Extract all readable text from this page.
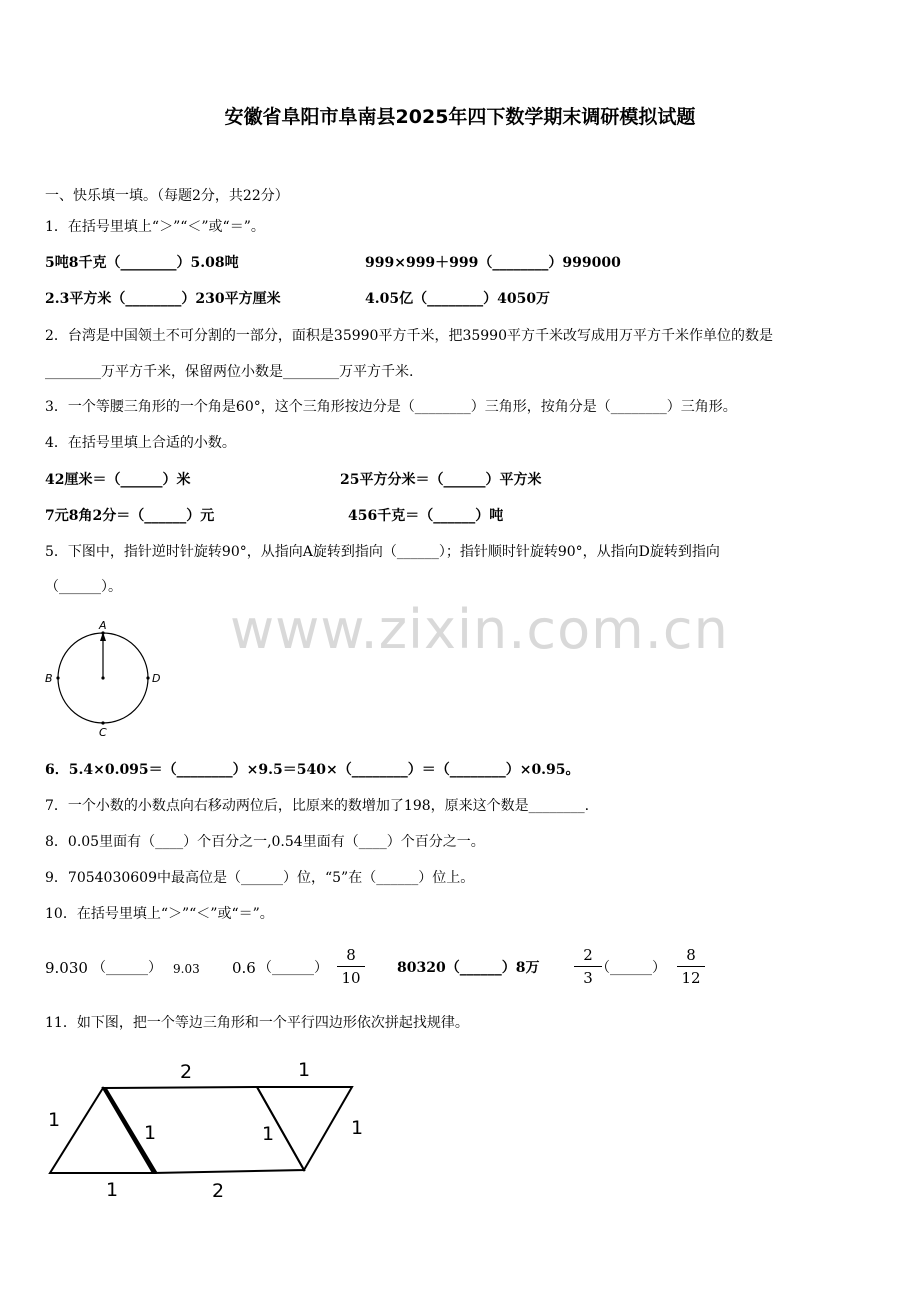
安徽省阜阳市阜南县2025年四下数学期末调研模拟试题
www.zixin.com.cn
一、快乐填一填。（每题2分，共22分）
1．在括号里填上“＞”“＜”或“＝”。
5吨8千克（________）5.08吨	999×999＋999（________）999000
2.3平方米（________）230平方厘米	4.05亿（________）4050万
2．台湾是中国领土不可分割的一部分，面积是35990平方千米，把35990平方千米改写成用万平方千米作单位的数是
________万平方千米，保留两位小数是________万平方千米.
3．一个等腰三角形的一个角是60°，这个三角形按边分是（________）三角形，按角分是（________）三角形。
4．在括号里填上合适的小数。
42厘米＝（______）米	25平方分米＝（______）平方米
7元8角2分＝（______）元	456千克＝（______）吨
5．下图中，指针逆时针旋转90°，从指向A旋转到指向（______）；指针顺时针旋转90°，从指向D旋转到指向
（______）。
A
B
C
D
6．5.4×0.095＝（________）×9.5＝540×（________）＝（________）×0.95。
7．一个小数的小数点向右移动两位后，比原来的数增加了198，原来这个数是________.
8．0.05里面有（____）个百分之一,0.54里面有（____）个百分之一。
9．7054030609中最高位是（______）位，“5”在（______）位上。
10．在括号里填上“＞”“＜”或“＝”。
9.030 （______） 9.03 0.6 （______）
8
10
80320（______）8万
2
3
（______）
8
12
11．如下图，把一个等边三角形和一个平行四边形依次拼起找规律。
2	1
1
1	1	1
1	2
